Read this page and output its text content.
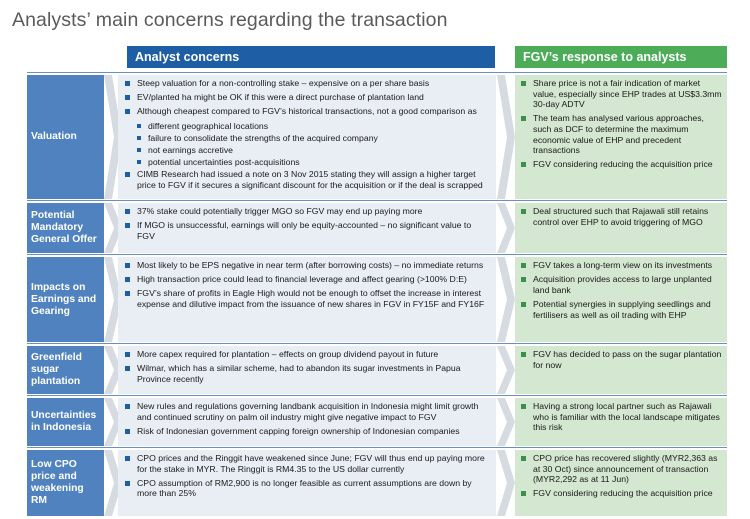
Analysts’ main concerns regarding the transaction
Analyst concerns	FGV’s response to analysts
Valuation
Steep valuation for a non-controlling stake – expensive on a per share basis
EV/planted ha might be OK if this were a direct purchase of plantation land
Although cheapest compared to FGV’s historical transactions, not a good comparison as
different geographical locations
failure to consolidate the strengths of the acquired company
not earnings accretive
potential uncertainties post-acquisitions
CIMB Research had issued a note on 3 Nov 2015 stating they will assign a higher target price to FGV if it secures a significant discount for the acquisition or if the deal is scrapped
Share price is not a fair indication of market value, especially since EHP trades at US$3.3mm 30-day ADTV
The team has analysed various approaches, such as DCF to determine the maximum economic value of EHP and precedent transactions
FGV considering reducing the acquisition price
Potential Mandatory General Offer
37% stake could potentially trigger MGO so FGV may end up paying more
If MGO is unsuccessful, earnings will only be equity-accounted – no significant value to FGV
Deal structured such that Rajawali still retains control over EHP to avoid triggering of MGO
Impacts on Earnings and Gearing
Most likely to be EPS negative in near term (after borrowing costs) – no immediate returns
High transaction price could lead to financial leverage and affect gearing (>100% D:E)
FGV’s share of profits in Eagle High would not be enough to offset the increase in interest expense and dilutive impact from the issuance of new shares in FGV in FY15F and FY16F
FGV takes a long-term view on its investments
Acquisition provides access to large unplanted land bank
Potential synergies in supplying seedlings and fertilisers as well as oil trading with EHP
Greenfield sugar plantation
More capex required for plantation – effects on group dividend payout in future
Wilmar, which has a similar scheme, had to abandon its sugar investments in Papua Province recently
FGV has decided to pass on the sugar plantation for now
Uncertainties in Indonesia
New rules and regulations governing landbank acquisition in Indonesia might limit growth and continued scrutiny on palm oil industry might give negative impact to FGV
Risk of Indonesian government capping foreign ownership of Indonesian companies
Having a strong local partner such as Rajawali who is familiar with the local landscape mitigates this risk
Low CPO price and weakening RM
CPO prices and the Ringgit have weakened since June; FGV will thus end up paying more for the stake in MYR. The Ringgit is RM4.35 to the US dollar currently
CPO assumption of RM2,900 is no longer feasible as current assumptions are down by more than 25%
CPO price has recovered slightly (MYR2,363 as at 30 Oct) since announcement of transaction (MYR2,292 as at 11 Jun)
FGV considering reducing the acquisition price
